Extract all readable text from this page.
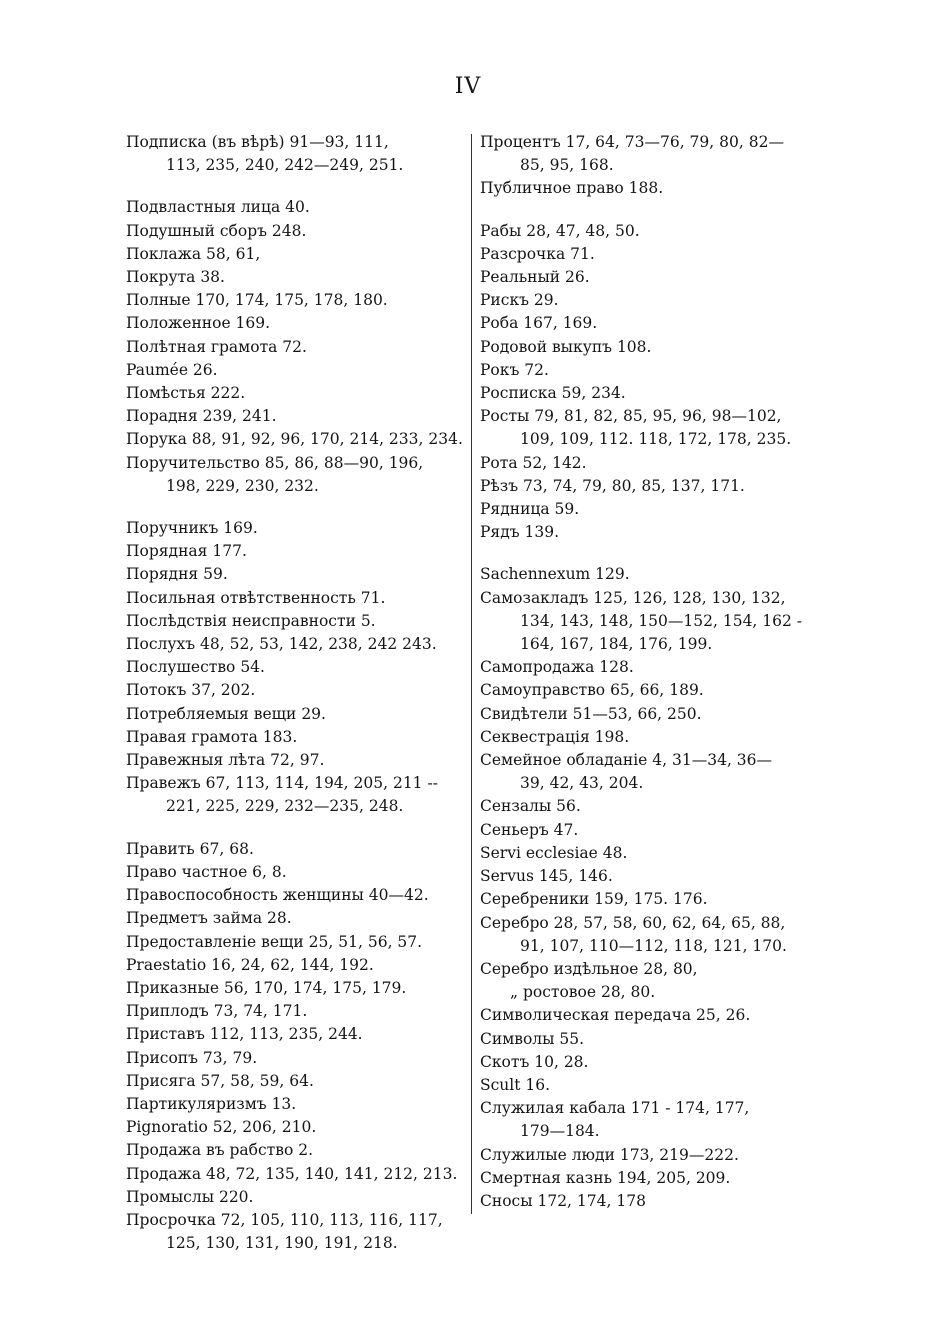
IV
Подписка (въ вѣрѣ) 91—93, 111,
113, 235, 240, 242—249, 251.
Подвластныя лица 40.
Подушный сборъ 248.
Поклажа 58, 61,
Покрута 38.
Полные 170, 174, 175, 178, 180.
Положенное 169.
Полѣтная грамота 72.
Paumée 26.
Помѣстья 222.
Порадня 239, 241.
Порука 88, 91, 92, 96, 170, 214, 233, 234.
Поручительство 85, 86, 88—90, 196,
198, 229, 230, 232.
Поручникъ 169.
Порядная 177.
Порядня 59.
Посильная отвѣтственность 71.
Послѣдствія неисправности 5.
Послухъ 48, 52, 53, 142, 238, 242 243.
Послушество 54.
Потокъ 37, 202.
Потребляемыя вещи 29.
Правая грамота 183.
Правежныя лѣта 72, 97.
Правежъ 67, 113, 114, 194, 205, 211 --
221, 225, 229, 232—235, 248.
Править 67, 68.
Право частное 6, 8.
Правоспособность женщины 40—42.
Предметъ займа 28.
Предоставленіе вещи 25, 51, 56, 57.
Praestatio 16, 24, 62, 144, 192.
Приказные 56, 170, 174, 175, 179.
Приплодъ 73, 74, 171.
Приставъ 112, 113, 235, 244.
Присопъ 73, 79.
Присяга 57, 58, 59, 64.
Партикуляризмъ 13.
Pignoratio 52, 206, 210.
Продажа въ рабство 2.
Продажа 48, 72, 135, 140, 141, 212, 213.
Промыслы 220.
Просрочка 72, 105, 110, 113, 116, 117,
125, 130, 131, 190, 191, 218.
Процентъ 17, 64, 73—76, 79, 80, 82—
85, 95, 168.
Публичное право 188.
Рабы 28, 47, 48, 50.
Разсрочка 71.
Реальный 26.
Рискъ 29.
Роба 167, 169.
Родовой выкупъ 108.
Рокъ 72.
Роспиcка 59, 234.
Росты 79, 81, 82, 85, 95, 96, 98—102,
109, 109, 112. 118, 172, 178, 235.
Рота 52, 142.
Рѣзъ 73, 74, 79, 80, 85, 137, 171.
Рядница 59.
Рядъ 139.
Sachennexum 129.
Самозакладъ 125, 126, 128, 130, 132,
134, 143, 148, 150—152, 154, 162 -
164, 167, 184, 176, 199.
Самопродажа 128.
Самоуправство 65, 66, 189.
Свидѣтели 51—53, 66, 250.
Секвестрація 198.
Семейное обладаніе 4, 31—34, 36—
39, 42, 43, 204.
Сензалы 56.
Сеньеръ 47.
Servi ecclesiae 48.
Servus 145, 146.
Серебреники 159, 175. 176.
Серебро 28, 57, 58, 60, 62, 64, 65, 88,
91, 107, 110—112, 118, 121, 170.
Серебро издѣльное 28, 80,
„ ростовое 28, 80.
Символическая передача 25, 26.
Символы 55.
Скотъ 10, 28.
Scult 16.
Служилая кабала 171 - 174, 177,
179—184.
Служилые люди 173, 219—222.
Смертная казнь 194, 205, 209.
Сносы 172, 174, 178
